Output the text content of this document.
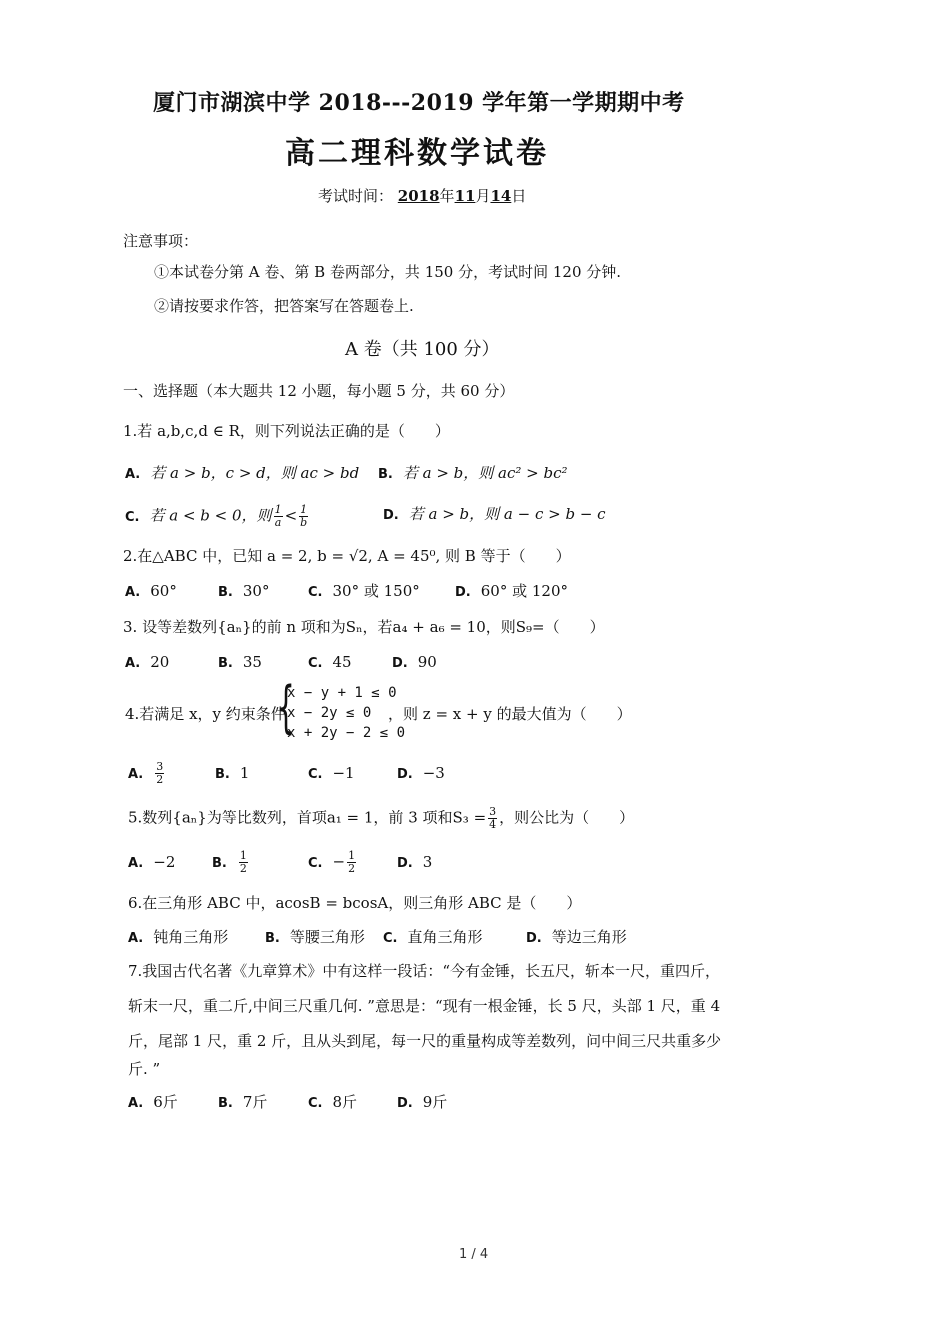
厦门市湖滨中学 2018---2019 学年第一学期期中考
高二理科数学试卷
考试时间： 2018年11月14日
注意事项：
①本试卷分第 A 卷、第 B 卷两部分，共 150 分，考试时间 120 分钟.
②请按要求作答，把答案写在答题卷上.
A 卷（共 100 分）
一、选择题（本大题共 12 小题，每小题 5 分，共 60 分）
1.若 a,b,c,d ∈ R，则下列说法正确的是（　　）
A. 若 a > b，c > d，则 ac > bd B. 若 a > b，则 ac² > bc²
C. 若 a < b < 0，则 $\frac{1}{a} < \frac{1}{b}$	D. 若 a > b，则 a − c > b − c
2.在△ABC 中，已知 a = 2, b = √2, A = 45⁰, 则 B 等于（　　）
A. 60°	B. 30°	C. 30° 或 150°	D. 60° 或 120°
3. 设等差数列{aₙ}的前 n 项和为Sₙ，若a₄ + a₆ = 10，则S₉=（　　）
A. 20	B. 35	C. 45	D. 90
4.若满足 x，y 约束条件
{
x − y + 1 ≤ 0
x − 2y ≤ 0
x + 2y − 2 ≤ 0
，则 z = x + y 的最大值为（　　）
A. $\frac{3}{2}$	B. 1	C. −1	D. −3
5.数列{aₙ}为等比数列，首项a₁ = 1，前 3 项和$S_3 = \frac{3}{4}$ ，则公比为（　　）
A. −2	B. $\frac{1}{2}$	C. − $\frac{1}{2}$	D. 3
6.在三角形 ABC 中，acosB = bcosA，则三角形 ABC 是（　　）
A. 钝角三角形	B. 等腰三角形 C. 直角三角形	D. 等边三角形
7.我国古代名著《九章算术》中有这样一段话：“今有金锤，长五尺，斩本一尺，重四斤，
斩末一尺，重二斤,中间三尺重几何. ”意思是：“现有一根金锤，长 5 尺，头部 1 尺，重 4
斤，尾部 1 尺，重 2 斤，且从头到尾，每一尺的重量构成等差数列，问中间三尺共重多少
斤. ”
A. 6斤	B. 7斤	C. 8斤	D. 9斤
1 / 4
